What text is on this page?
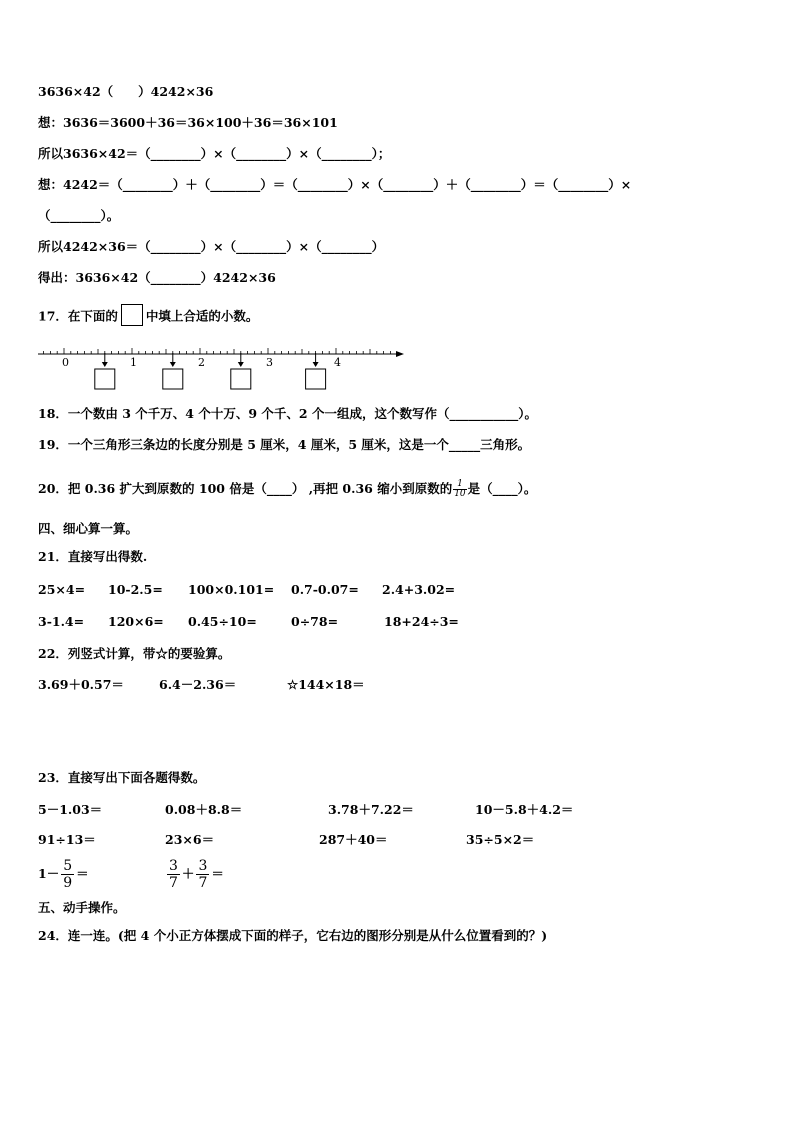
3636×42（　　）4242×36
想：3636＝3600＋36＝36×100＋36＝36×101
所以3636×42＝（________）×（________）×（________）；
想：4242＝（________）＋（________）＝（________）×（________）＋（________）＝（________）×
（________）。
所以4242×36＝（________）×（________）×（________）
得出：3636×42（________）4242×36
17．在下面的 中填上合适的小数。
0	1	2	3	4
18．一个数由 3 个千万、4 个十万、9 个千、2 个一组成，这个数写作（___________）。
19．一个三角形三条边的长度分别是 5 厘米，4 厘米，5 厘米，这是一个_____三角形。
20．把 0.36 扩大到原数的 100 倍是（____） ,再把 0.36 缩小到原数的 $\frac{1}{10}$ 是（____）。
四、细心算一算。
21．直接写出得数.
25×4= 10-2.5= 100×0.101= 0.7-0.07= 2.4+3.02=
3-1.4= 120×6= 0.45÷10=	0÷78=	18+24÷3=
22．列竖式计算，带☆的要验算。
3.69＋0.57＝	6.4－2.36＝	☆144×18＝
23．直接写出下面各题得数。
5－1.03＝	0.08＋8.8＝	3.78＋7.22＝	10－5.8＋4.2＝
91÷13＝	23×6＝	287＋40＝	35÷5×2＝
$1- \frac{5}{9}$ ＝	$\frac{3}{7} + \frac{3}{7}$ ＝
五、动手操作。
24．连一连。(把 4 个小正方体摆成下面的样子，它右边的图形分别是从什么位置看到的？)
